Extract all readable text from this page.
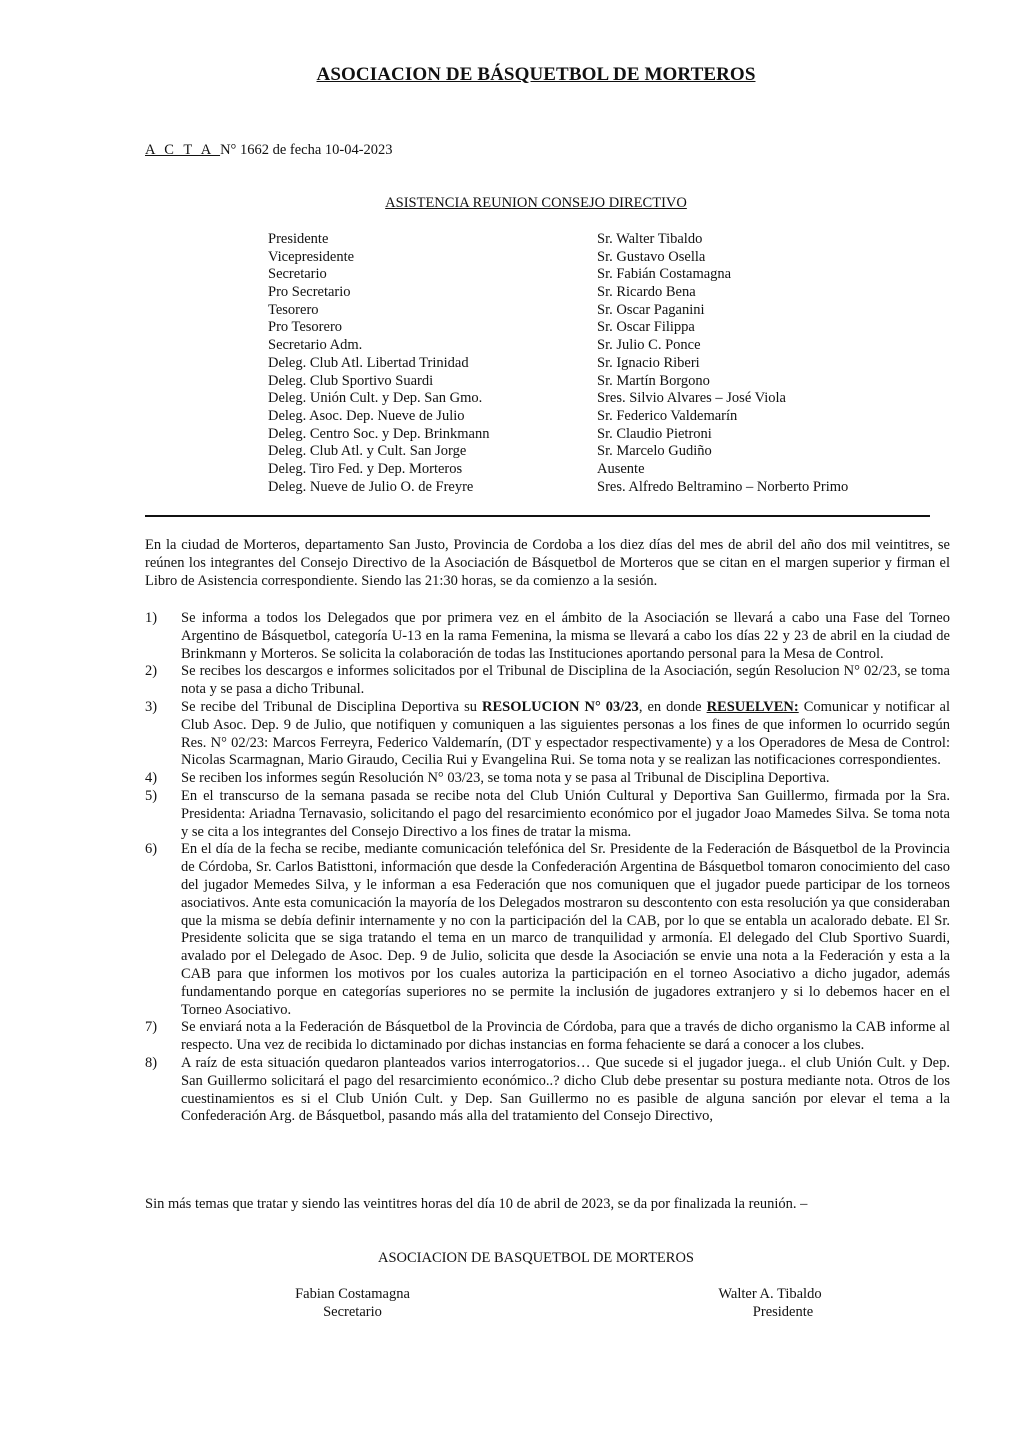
ASOCIACION DE BÁSQUETBOL DE MORTEROS
A C T A N° 1662 de fecha 10-04-2023
ASISTENCIA REUNION CONSEJO DIRECTIVO
Presidente	Sr. Walter Tibaldo
Vicepresidente	Sr. Gustavo Osella
Secretario	Sr. Fabián Costamagna
Pro Secretario	Sr. Ricardo Bena
Tesorero	Sr. Oscar Paganini
Pro Tesorero	Sr. Oscar Filippa
Secretario Adm.	Sr. Julio C. Ponce
Deleg. Club Atl. Libertad Trinidad	Sr. Ignacio Riberi
Deleg. Club Sportivo Suardi	Sr. Martín Borgono
Deleg. Unión Cult. y Dep. San Gmo.	Sres. Silvio Alvares – José Viola
Deleg. Asoc. Dep. Nueve de Julio	Sr. Federico Valdemarín
Deleg. Centro Soc. y Dep. Brinkmann	Sr. Claudio Pietroni
Deleg. Club Atl. y Cult. San Jorge	Sr. Marcelo Gudiño
Deleg. Tiro Fed. y Dep. Morteros	Ausente
Deleg. Nueve de Julio O. de Freyre	Sres. Alfredo Beltramino – Norberto Primo
En la ciudad de Morteros, departamento San Justo, Provincia de Cordoba a los diez días del mes de abril del año dos mil veintitres, se reúnen los integrantes del Consejo Directivo de la Asociación de Básquetbol de Morteros que se citan en el margen superior y firman el Libro de Asistencia correspondiente. Siendo las 21:30 horas, se da comienzo a la sesión.
1) Se informa a todos los Delegados que por primera vez en el ámbito de la Asociación se llevará a cabo una Fase del Torneo Argentino de Básquetbol, categoría U-13 en la rama Femenina, la misma se llevará a cabo los días 22 y 23 de abril en la ciudad de Brinkmann y Morteros. Se solicita la colaboración de todas las Instituciones aportando personal para la Mesa de Control.
2) Se recibes los descargos e informes solicitados por el Tribunal de Disciplina de la Asociación, según Resolucion N° 02/23, se toma nota y se pasa a dicho Tribunal.
3) Se recibe del Tribunal de Disciplina Deportiva su RESOLUCION N° 03/23, en donde RESUELVEN: Comunicar y notificar al Club Asoc. Dep. 9 de Julio, que notifiquen y comuniquen a las siguientes personas a los fines de que informen lo ocurrido según Res. N° 02/23: Marcos Ferreyra, Federico Valdemarín, (DT y espectador respectivamente) y a los Operadores de Mesa de Control: Nicolas Scarmagnan, Mario Giraudo, Cecilia Rui y Evangelina Rui. Se toma nota y se realizan las notificaciones correspondientes.
4) Se reciben los informes según Resolución N° 03/23, se toma nota y se pasa al Tribunal de Disciplina Deportiva.
5) En el transcurso de la semana pasada se recibe nota del Club Unión Cultural y Deportiva San Guillermo, firmada por la Sra. Presidenta: Ariadna Ternavasio, solicitando el pago del resarcimiento económico por el jugador Joao Mamedes Silva. Se toma nota y se cita a los integrantes del Consejo Directivo a los fines de tratar la misma.
6) En el día de la fecha se recibe, mediante comunicación telefónica del Sr. Presidente de la Federación de Básquetbol de la Provincia de Córdoba, Sr. Carlos Batisttoni, información que desde la Confederación Argentina de Básquetbol tomaron conocimiento del caso del jugador Memedes Silva, y le informan a esa Federación que nos comuniquen que el jugador puede participar de los torneos asociativos. Ante esta comunicación la mayoría de los Delegados mostraron su descontento con esta resolución ya que consideraban que la misma se debía definir internamente y no con la participación del la CAB, por lo que se entabla un acalorado debate. El Sr. Presidente solicita que se siga tratando el tema en un marco de tranquilidad y armonía. El delegado del Club Sportivo Suardi, avalado por el Delegado de Asoc. Dep. 9 de Julio, solicita que desde la Asociación se envie una nota a la Federación y esta a la CAB para que informen los motivos por los cuales autoriza la participación en el torneo Asociativo a dicho jugador, además fundamentando porque en categorías superiores no se permite la inclusión de jugadores extranjero y si lo debemos hacer en el Torneo Asociativo.
7) Se enviará nota a la Federación de Básquetbol de la Provincia de Córdoba, para que a través de dicho organismo la CAB informe al respecto. Una vez de recibida lo dictaminado por dichas instancias en forma fehaciente se dará a conocer a los clubes.
8) A raíz de esta situación quedaron planteados varios interrogatorios… Que sucede si el jugador juega.. el club Unión Cult. y Dep. San Guillermo solicitará el pago del resarcimiento económico..? dicho Club debe presentar su postura mediante nota. Otros de los cuestinamientos es si el Club Unión Cult. y Dep. San Guillermo no es pasible de alguna sanción por elevar el tema a la Confederación Arg. de Básquetbol, pasando más alla del tratamiento del Consejo Directivo,
Sin más temas que tratar y siendo las veintitres horas del día 10 de abril de 2023, se da por finalizada la reunión. –
ASOCIACION DE BASQUETBOL DE MORTEROS
Fabian Costamagna
Secretario
Walter A. Tibaldo
Presidente
